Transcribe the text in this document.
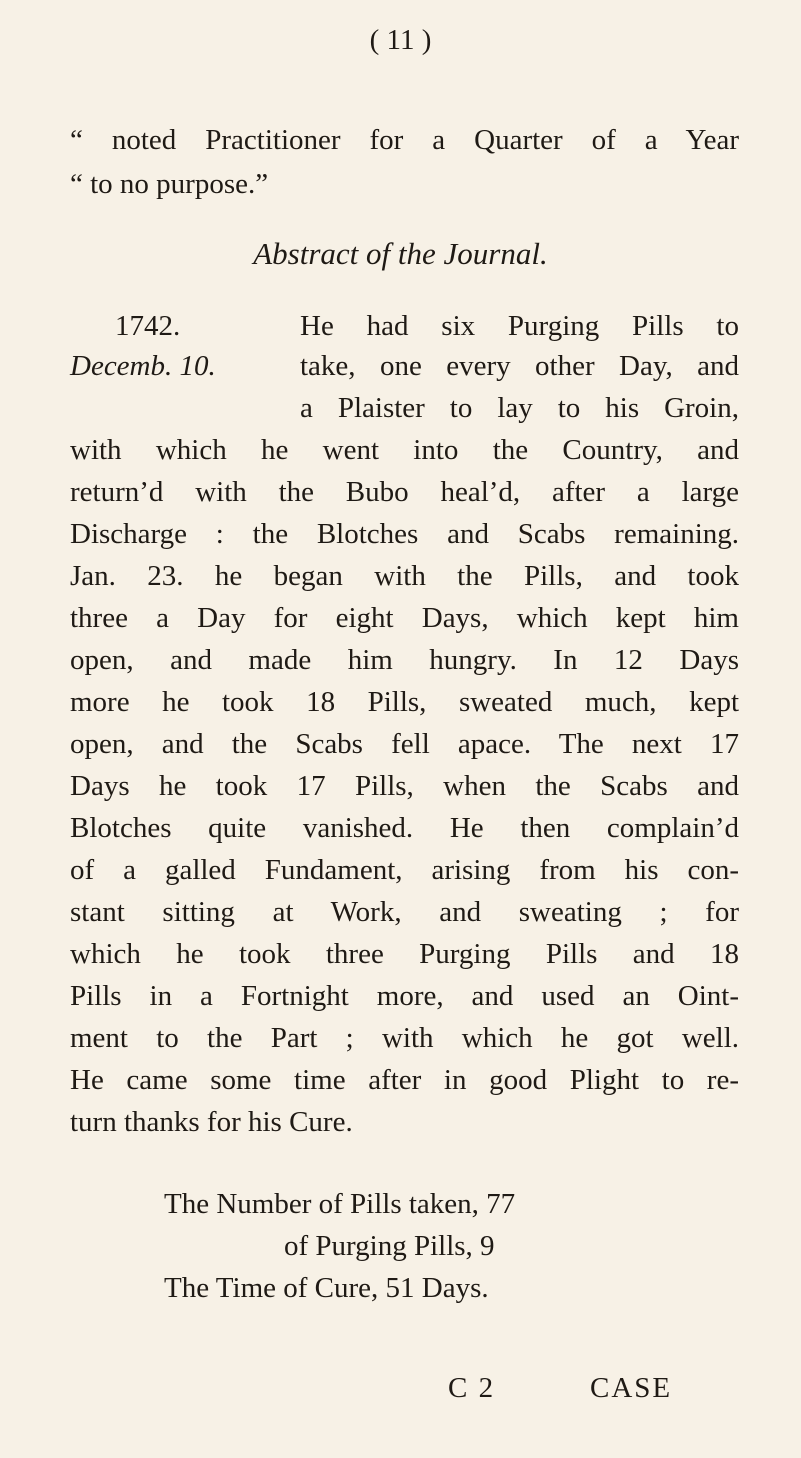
( 11 )
“ noted Practitioner for a Quarter of a Year
“ to no purpose.”
Abstract of the Journal.
1742.	He had six Purging Pills to
Decemb. 10.	take, one every other Day, and
a Plaister to lay to his Groin,
with which he went into the Country, and
return’d with the Bubo heal’d, after a large
Discharge : the Blotches and Scabs remaining.
Jan. 23. he began with the Pills, and took
three a Day for eight Days, which kept him
open, and made him hungry. In 12 Days
more he took 18 Pills, sweated much, kept
open, and the Scabs fell apace. The next 17
Days he took 17 Pills, when the Scabs and
Blotches quite vanished. He then complain’d
of a galled Fundament, arising from his con-
stant sitting at Work, and sweating ; for
which he took three Purging Pills and 18
Pills in a Fortnight more, and used an Oint-
ment to the Part ; with which he got well.
He came some time after in good Plight to re-
turn thanks for his Cure.
The Number of Pills taken, 77
of Purging Pills, 9
The Time of Cure, 51 Days.
C 2	CASE
